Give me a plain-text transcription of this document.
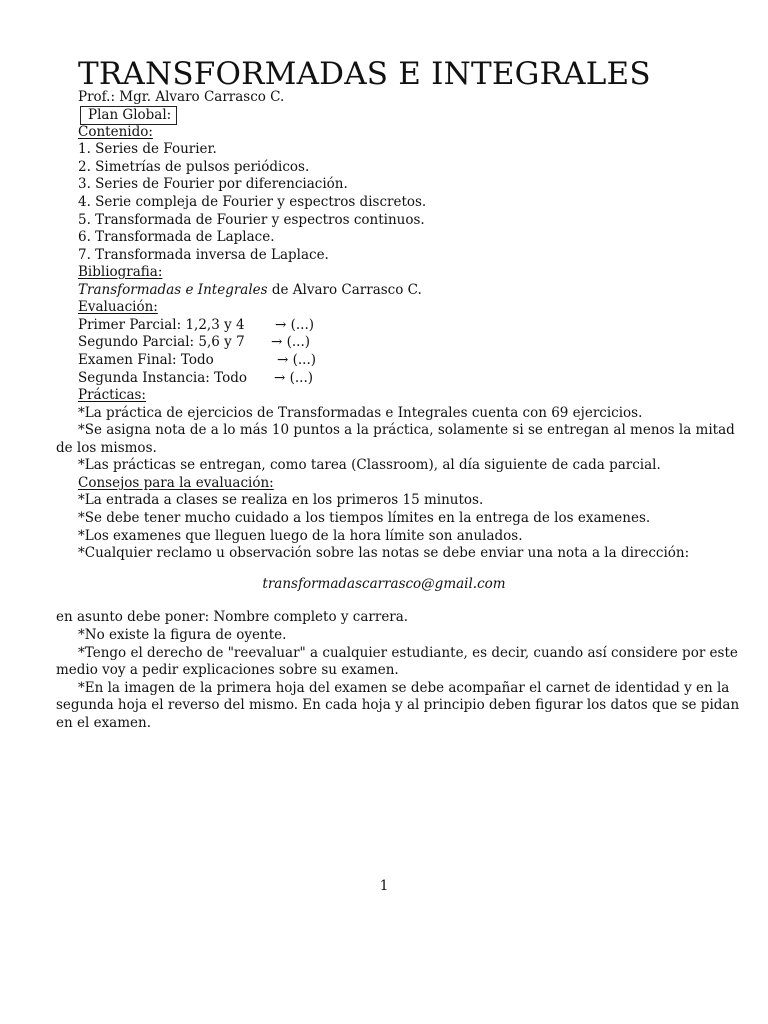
TRANSFORMADAS E INTEGRALES
Prof.: Mgr. Alvaro Carrasco C.
Plan Global:
Contenido:
1. Series de Fourier.
2. Simetrías de pulsos periódicos.
3. Series de Fourier por diferenciación.
4. Serie compleja de Fourier y espectros discretos.
5. Transformada de Fourier y espectros continuos.
6. Transformada de Laplace.
7. Transformada inversa de Laplace.
Bibliografia:
Transformadas e Integrales de Alvaro Carrasco C.
Evaluación:
Primer Parcial: 1,2,3 y 4 → (...)
Segundo Parcial: 5,6 y 7 → (...)
Examen Final: Todo	→ (...)
Segunda Instancia: Todo → (...)
Prácticas:
*La práctica de ejercicios de Transformadas e Integrales cuenta con 69 ejercicios.
*Se asigna nota de a lo más 10 puntos a la práctica, solamente si se entregan al menos la mitad
de los mismos.
*Las prácticas se entregan, como tarea (Classroom), al día siguiente de cada parcial.
Consejos para la evaluación:
*La entrada a clases se realiza en los primeros 15 minutos.
*Se debe tener mucho cuidado a los tiempos límites en la entrega de los examenes.
*Los examenes que lleguen luego de la hora límite son anulados.
*Cualquier reclamo u observación sobre las notas se debe enviar una nota a la dirección:
transformadascarrasco@gmail.com
en asunto debe poner: Nombre completo y carrera.
*No existe la figura de oyente.
*Tengo el derecho de "reevaluar" a cualquier estudiante, es decir, cuando así considere por este
medio voy a pedir explicaciones sobre su examen.
*En la imagen de la primera hoja del examen se debe acompañar el carnet de identidad y en la
segunda hoja el reverso del mismo. En cada hoja y al principio deben figurar los datos que se pidan
en el examen.
1
